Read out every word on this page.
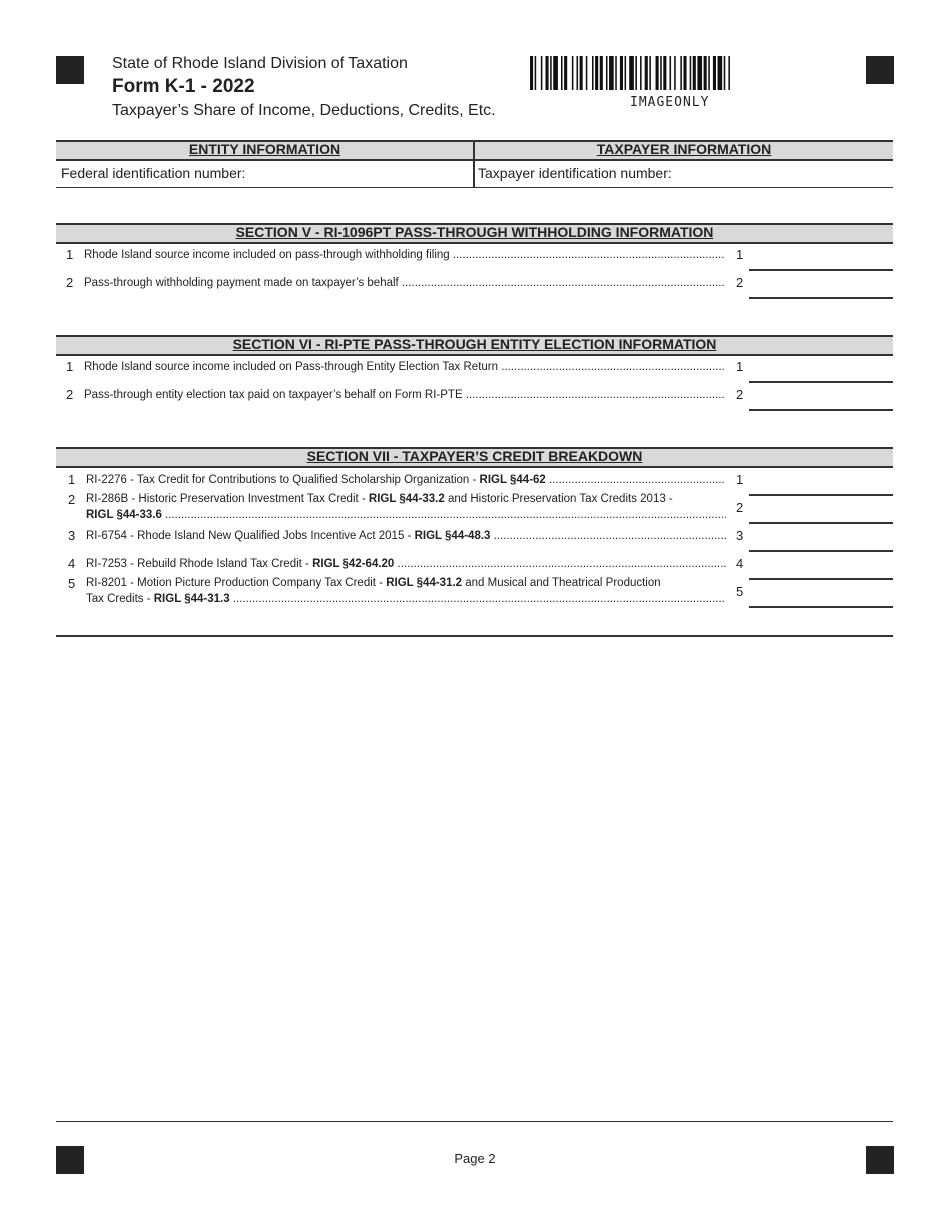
State of Rhode Island Division of Taxation
Form K-1 - 2022
Taxpayer’s Share of Income, Deductions, Credits, Etc.	IMAGEONLY
ENTITY INFORMATION	TAXPAYER INFORMATION
Federal identification number:	Taxpayer identification number:
SECTION V - RI-1096PT PASS-THROUGH WITHHOLDING INFORMATION
1 Rhode Island source income included on pass-through withholding filing .....	1
2 Pass-through withholding payment made on taxpayer’s behalf .....	2
SECTION VI - RI-PTE PASS-THROUGH ENTITY ELECTION INFORMATION
1 Rhode Island source income included on Pass-through Entity Election Tax Return .....	1
2 Pass-through entity election tax paid on taxpayer’s behalf on Form RI-PTE .....	2
SECTION VII - TAXPAYER’S CREDIT BREAKDOWN
1 RI-2276 - Tax Credit for Contributions to Qualified Scholarship Organization - RIGL §44-62 .....	1
2 RI-286B - Historic Preservation Investment Tax Credit - RIGL §44-33.2 and Historic Preservation Tax Credits 2013 -
RIGL §44-33.6 .....	2
3 RI-6754 - Rhode Island New Qualified Jobs Incentive Act 2015 - RIGL §44-48.3 .....	3
4 RI-7253 - Rebuild Rhode Island Tax Credit - RIGL §42-64.20 .....	4
5 RI-8201 - Motion Picture Production Company Tax Credit - RIGL §44-31.2 and Musical and Theatrical Production
Tax Credits - RIGL §44-31.3 .....	5
Page 2
